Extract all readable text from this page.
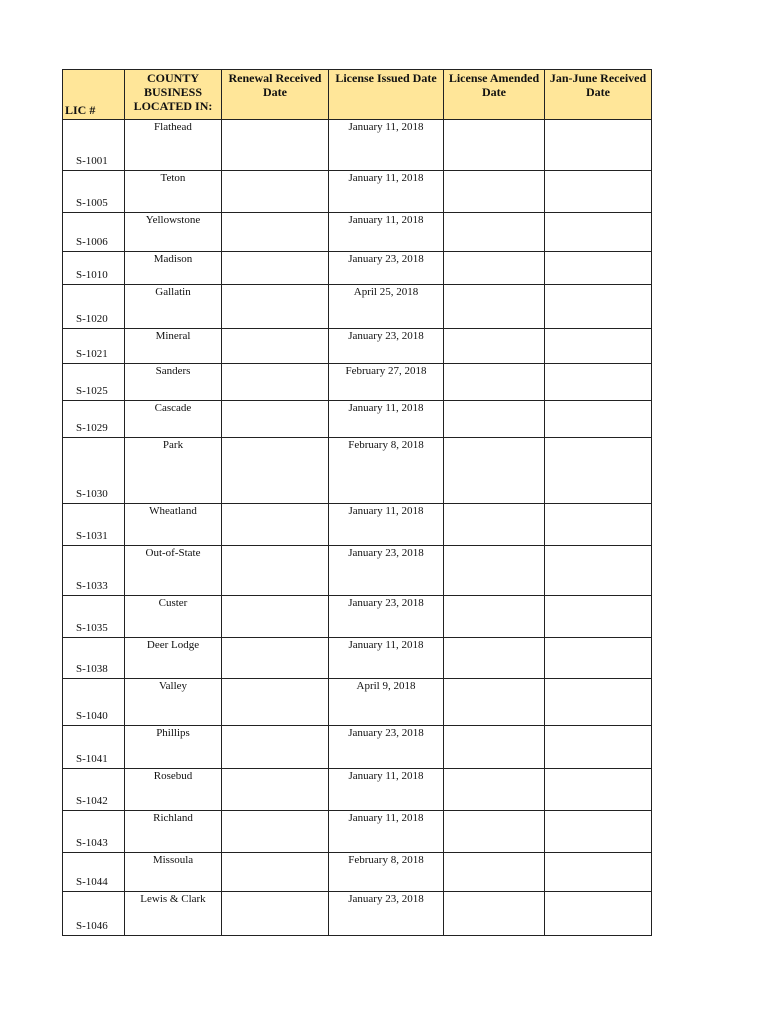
LIC #	COUNTY BUSINESS LOCATED IN:	Renewal Received Date	License Issued Date	License Amended Date	Jan-June Received Date
S-1001	Flathead		January 11, 2018		
S-1005	Teton		January 11, 2018		
S-1006	Yellowstone		January 11, 2018		
S-1010	Madison		January 23, 2018		
S-1020	Gallatin		April 25, 2018		
S-1021	Mineral		January 23, 2018		
S-1025	Sanders		February 27, 2018		
S-1029	Cascade		January 11, 2018		
S-1030	Park		February 8, 2018		
S-1031	Wheatland		January 11, 2018		
S-1033	Out-of-State		January 23, 2018		
S-1035	Custer		January 23, 2018		
S-1038	Deer Lodge		January 11, 2018		
S-1040	Valley		April 9, 2018		
S-1041	Phillips		January 23, 2018		
S-1042	Rosebud		January 11, 2018		
S-1043	Richland		January 11, 2018		
S-1044	Missoula		February 8, 2018		
S-1046	Lewis & Clark		January 23, 2018		
